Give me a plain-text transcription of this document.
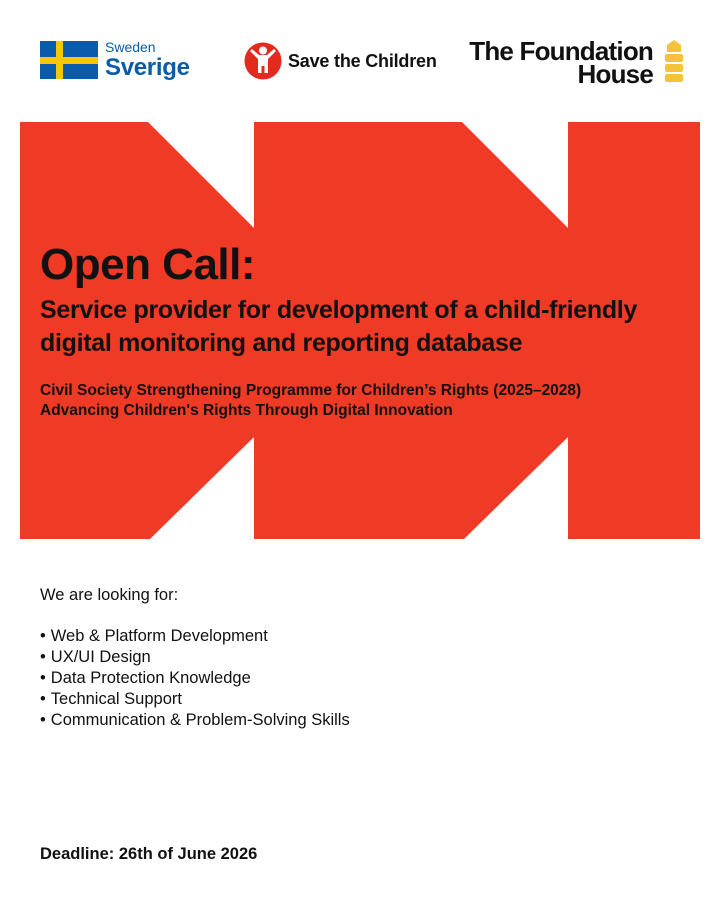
Sweden
Sverige	Save the Children The Foundation
House
Open Call:
Service provider for development of a child-friendly digital monitoring and reporting database

Civil Society Strengthening Programme for Children’s Rights (2025–2028)
Advancing Children's Rights Through Digital Innovation

We are looking for:
• Web & Platform Development
• UX/UI Design
• Data Protection Knowledge
• Technical Support
• Communication & Problem-Solving Skills
Deadline: 26th of June 2026
